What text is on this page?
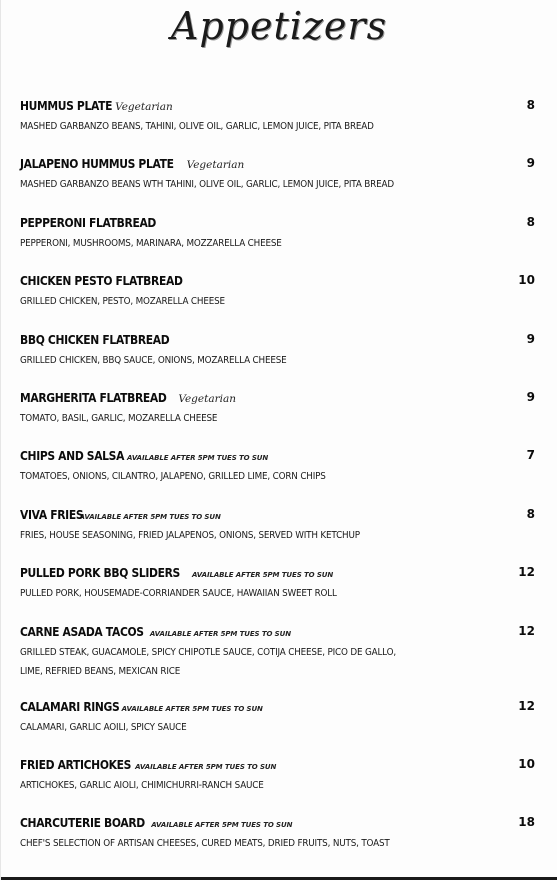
Appetizers
HUMMUS PLATE Vegetarian	8
MASHED GARBANZO BEANS, TAHINI, OLIVE OIL, GARLIC, LEMON JUICE, PITA BREAD
JALAPENO HUMMUS PLATE Vegetarian	9
MASHED GARBANZO BEANS WTH TAHINI, OLIVE OIL, GARLIC, LEMON JUICE, PITA BREAD
PEPPERONI FLATBREAD	8
PEPPERONI, MUSHROOMS, MARINARA, MOZZARELLA CHEESE
CHICKEN PESTO FLATBREAD	10
GRILLED CHICKEN, PESTO, MOZARELLA CHEESE
BBQ CHICKEN FLATBREAD	9
GRILLED CHICKEN, BBQ SAUCE, ONIONS, MOZARELLA CHEESE
MARGHERITA FLATBREAD Vegetarian	9
TOMATO, BASIL, GARLIC, MOZARELLA CHEESE
CHIPS AND SALSA AVAILABLE AFTER 5PM TUES TO SUN	7
TOMATOES, ONIONS, CILANTRO, JALAPENO, GRILLED LIME, CORN CHIPS
VIVA FRIES
AVAILABLE AFTER 5PM TUES TO SUN	8
FRIES, HOUSE SEASONING, FRIED JALAPENOS, ONIONS, SERVED WITH KETCHUP
PULLED PORK BBQ SLIDERS AVAILABLE AFTER 5PM TUES TO SUN	12
PULLED PORK, HOUSEMADE-CORRIANDER SAUCE, HAWAIIAN SWEET ROLL
CARNE ASADA TACOS AVAILABLE AFTER 5PM TUES TO SUN	12
GRILLED STEAK, GUACAMOLE, SPICY CHIPOTLE SAUCE, COTIJA CHEESE, PICO DE GALLO,
LIME, REFRIED BEANS, MEXICAN RICE
CALAMARI RINGS AVAILABLE AFTER 5PM TUES TO SUN	12
CALAMARI, GARLIC AOILI, SPICY SAUCE
FRIED ARTICHOKES AVAILABLE AFTER 5PM TUES TO SUN	10
ARTICHOKES, GARLIC AIOLI, CHIMICHURRI-RANCH SAUCE
CHARCUTERIE BOARD AVAILABLE AFTER 5PM TUES TO SUN	18
CHEF'S SELECTION OF ARTISAN CHEESES, CURED MEATS, DRIED FRUITS, NUTS, TOAST
